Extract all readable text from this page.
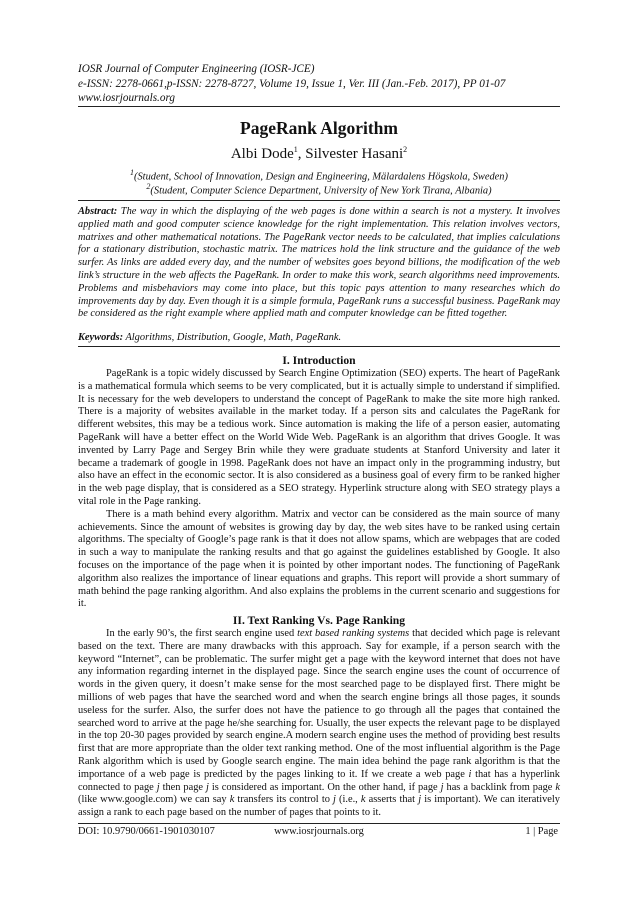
IOSR Journal of Computer Engineering (IOSR-JCE)
e-ISSN: 2278-0661,p-ISSN: 2278-8727, Volume 19, Issue 1, Ver. III (Jan.-Feb. 2017), PP 01-07
www.iosrjournals.org
PageRank Algorithm
Albi Dode$^1$, Silvester Hasani$^2$
$^1$(Student, School of Innovation, Design and Engineering, Mälardalens Högskola, Sweden)
$^2$(Student, Computer Science Department, University of New York Tirana, Albania)
Abstract: The way in which the displaying of the web pages is done within a search is not a mystery. It involves applied math and good computer science knowledge for the right implementation. This relation involves vectors, matrixes and other mathematical notations. The PageRank vector needs to be calculated, that implies calculations for a stationary distribution, stochastic matrix. The matrices hold the link structure and the guidance of the web surfer. As links are added every day, and the number of websites goes beyond billions, the modification of the web link’s structure in the web affects the PageRank. In order to make this work, search algorithms need improvements. Problems and misbehaviors may come into place, but this topic pays attention to many researches which do improvements day by day. Even though it is a simple formula, PageRank runs a successful business. PageRank may be considered as the right example where applied math and computer knowledge can be fitted together.
Keywords: Algorithms, Distribution, Google, Math, PageRank.
I. Introduction

PageRank is a topic widely discussed by Search Engine Optimization (SEO) experts. The heart of PageRank is a mathematical formula which seems to be very complicated, but it is actually simple to understand if simplified. It is necessary for the web developers to understand the concept of PageRank to make the site more high ranked. There is a majority of websites available in the market today. If a person sits and calculates the PageRank for different websites, this may be a tedious work. Since automation is making the life of a person easier, automating PageRank will have a better effect on the World Wide Web. PageRank is an algorithm that drives Google. It was invented by Larry Page and Sergey Brin while they were graduate students at Stanford University and later it became a trademark of google in 1998. PageRank does not have an impact only in the programming industry, but also have an effect in the economic sector. It is also considered as a business goal of every firm to be ranked higher in the web page display, that is considered as a SEO strategy. Hyperlink structure along with SEO strategy plays a vital role in the Page ranking.

There is a math behind every algorithm. Matrix and vector can be considered as the main source of many achievements. Since the amount of websites is growing day by day, the web sites have to be ranked using certain algorithms. The specialty of Google’s page rank is that it does not allow spams, which are webpages that are coded in such a way to manipulate the ranking results and that go against the guidelines established by Google. It also focuses on the importance of the page when it is pointed by other important nodes. The functioning of PageRank algorithm also realizes the importance of linear equations and graphs. This report will provide a short summary of math behind the page ranking algorithm. And also explains the problems in the current scenario and suggestions for it.

II. Text Ranking Vs. Page Ranking

In the early 90’s, the first search engine used text based ranking systems that decided which page is relevant based on the text. There are many drawbacks with this approach. Say for example, if a person search with the keyword “Internet”, can be problematic. The surfer might get a page with the keyword internet that does not have any information regarding internet in the displayed page. Since the search engine uses the count of occurrence of words in the given query, it doesn’t make sense for the most searched page to be displayed first. There might be millions of web pages that have the searched word and when the search engine brings all those pages, it sounds useless for the surfer. Also, the surfer does not have the patience to go through all the pages that contained the searched word to arrive at the page he/she searching for. Usually, the user expects the relevant page to be displayed in the top 20-30 pages provided by search engine.A modern search engine uses the method of providing best results first that are more appropriate than the older text ranking method. One of the most influential algorithm is the Page Rank algorithm which is used by Google search engine. The main idea behind the page rank algorithm is that the importance of a web page is predicted by the pages linking to it. If we create a web page i that has a hyperlink connected to page j then page j is considered as important. On the other hand, if page j has a backlink from page k (like www.google.com) we can say k transfers its control to j (i.e., k asserts that j is important). We can iteratively assign a rank to each page based on the number of pages that points to it.

DOI: 10.9790/0661-1901030107	www.iosrjournals.org	1 | Page
